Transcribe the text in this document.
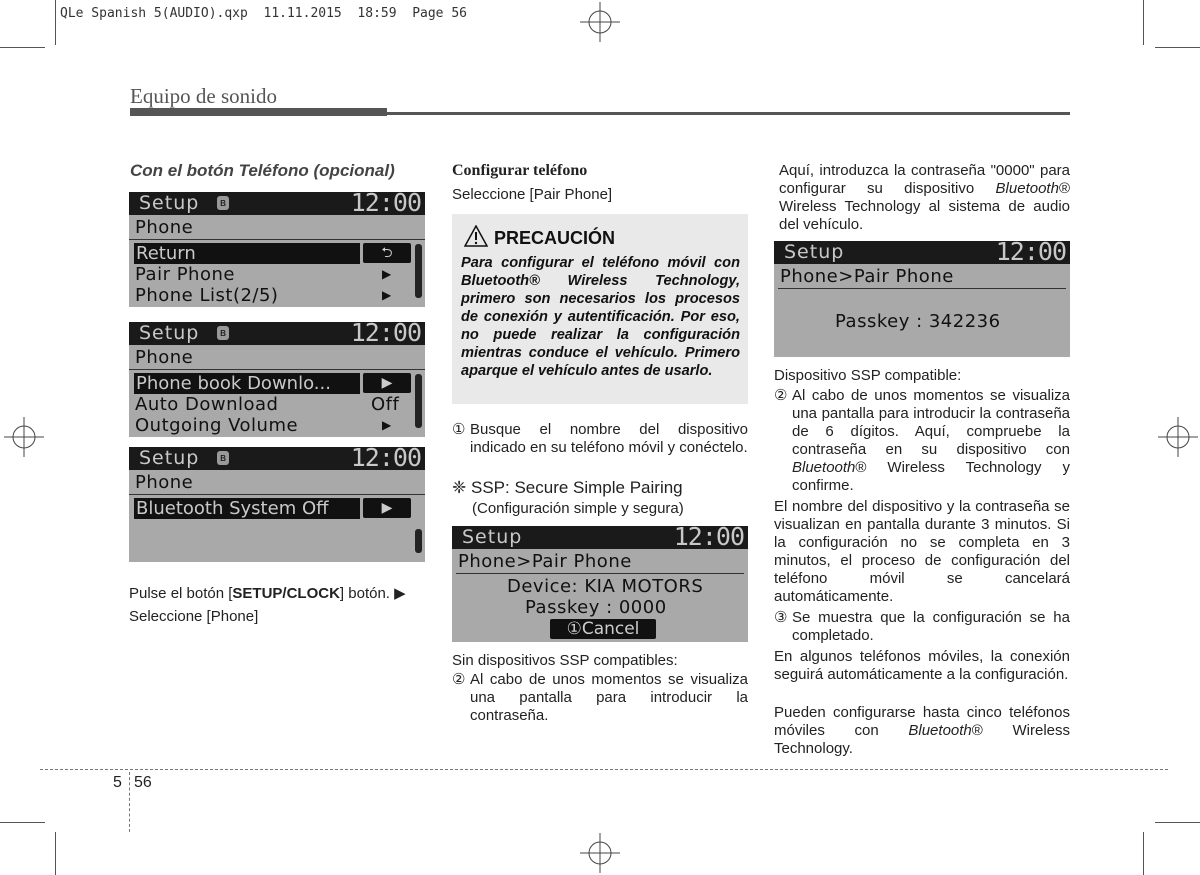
QLe Spanish 5(AUDIO).qxp  11.11.2015  18:59  Page 56
Equipo de sonido
Con el botón Teléfono (opcional)
Setup ʙ	12:00
Phone
Return	⮌
Pair Phone	▶
Phone List(2/5)	▶
Setup ʙ	12:00
Phone
Phone book Downlo...	▶
Auto Download	Off
Outgoing Volume	▶
Setup ʙ	12:00
Phone
Bluetooth System Off	▶
Pulse el botón [SETUP/CLOCK] botón. ▶
Seleccione [Phone]
Configurar teléfono
Seleccione [Pair Phone]
PRECAUCIÓN
Para configurar el teléfono móvil con Bluetooth® Wireless Technology, primero son necesarios los procesos de conexión y autentificación. Por eso, no puede realizar la configuración mientras conduce el vehículo. Primero aparque el vehículo antes de usarlo.
① Busque el nombre del dispositivo indicado en su teléfono móvil y conéctelo.
❈ SSP: Secure Simple Pairing
(Configuración simple y segura)
Setup	12:00
Phone>Pair Phone
Device: KIA MOTORS
Passkey : 0000
①Cancel
Sin dispositivos SSP compatibles:
② Al cabo de unos momentos se visualiza una pantalla para introducir la contraseña.
Aquí, introduzca la contraseña "0000" para configurar su dispositivo Bluetooth® Wireless Technology al sistema de audio del vehículo.
Setup	12:00
Phone>Pair Phone
Passkey : 342236
Dispositivo SSP compatible:
② Al cabo de unos momentos se visualiza una pantalla para introducir la contraseña de 6 dígitos. Aquí, compruebe la contraseña en su dispositivo con Bluetooth® Wireless Technology y confirme.
El nombre del dispositivo y la contraseña se visualizan en pantalla durante 3 minutos. Si la configuración no se completa en 3 minutos, el proceso de configuración del teléfono móvil se cancelará automáticamente.
③ Se muestra que la configuración se ha completado.
En algunos teléfonos móviles, la conexión seguirá automáticamente a la configuración.
Pueden configurarse hasta cinco teléfonos móviles con Bluetooth® Wireless Technology.
5 56
